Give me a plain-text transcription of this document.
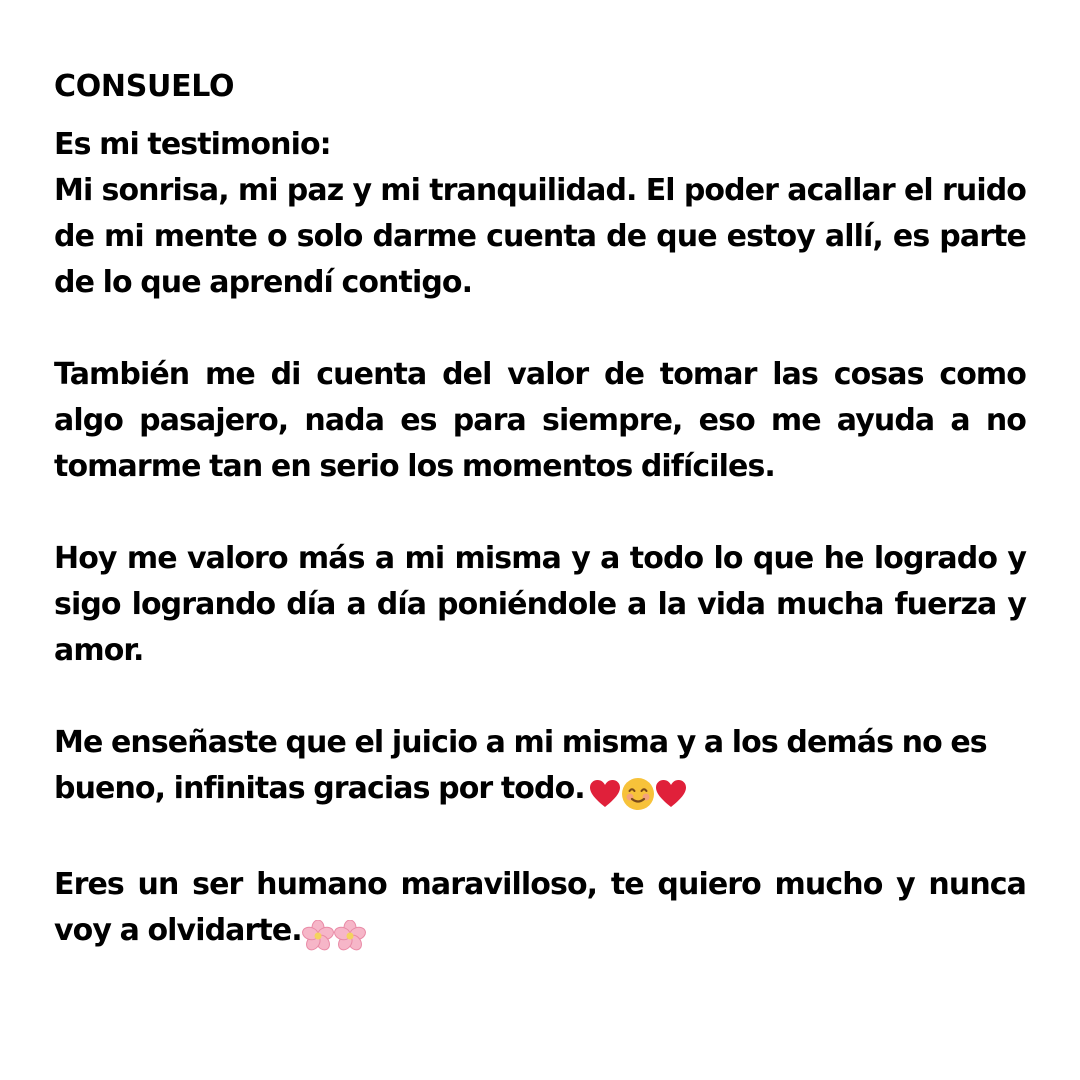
CONSUELO
Es mi testimonio:

Mi sonrisa, mi paz y mi tranquilidad. El poder acallar el ruido de mi mente o solo darme cuenta de que estoy allí, es parte de lo que aprendí contigo.

También me di cuenta del valor de tomar las cosas como algo pasajero, nada es para siempre, eso me ayuda a no tomarme tan en serio los momentos difíciles.

Hoy me valoro más a mi misma y a todo lo que he logrado y sigo logrando día a día poniéndole a la vida mucha fuerza y amor.

Me enseñaste que el juicio a mi misma y a los demás no es bueno, infinitas gracias por todo.

Eres un ser humano maravilloso, te quiero mucho y nunca voy a olvidarte.
